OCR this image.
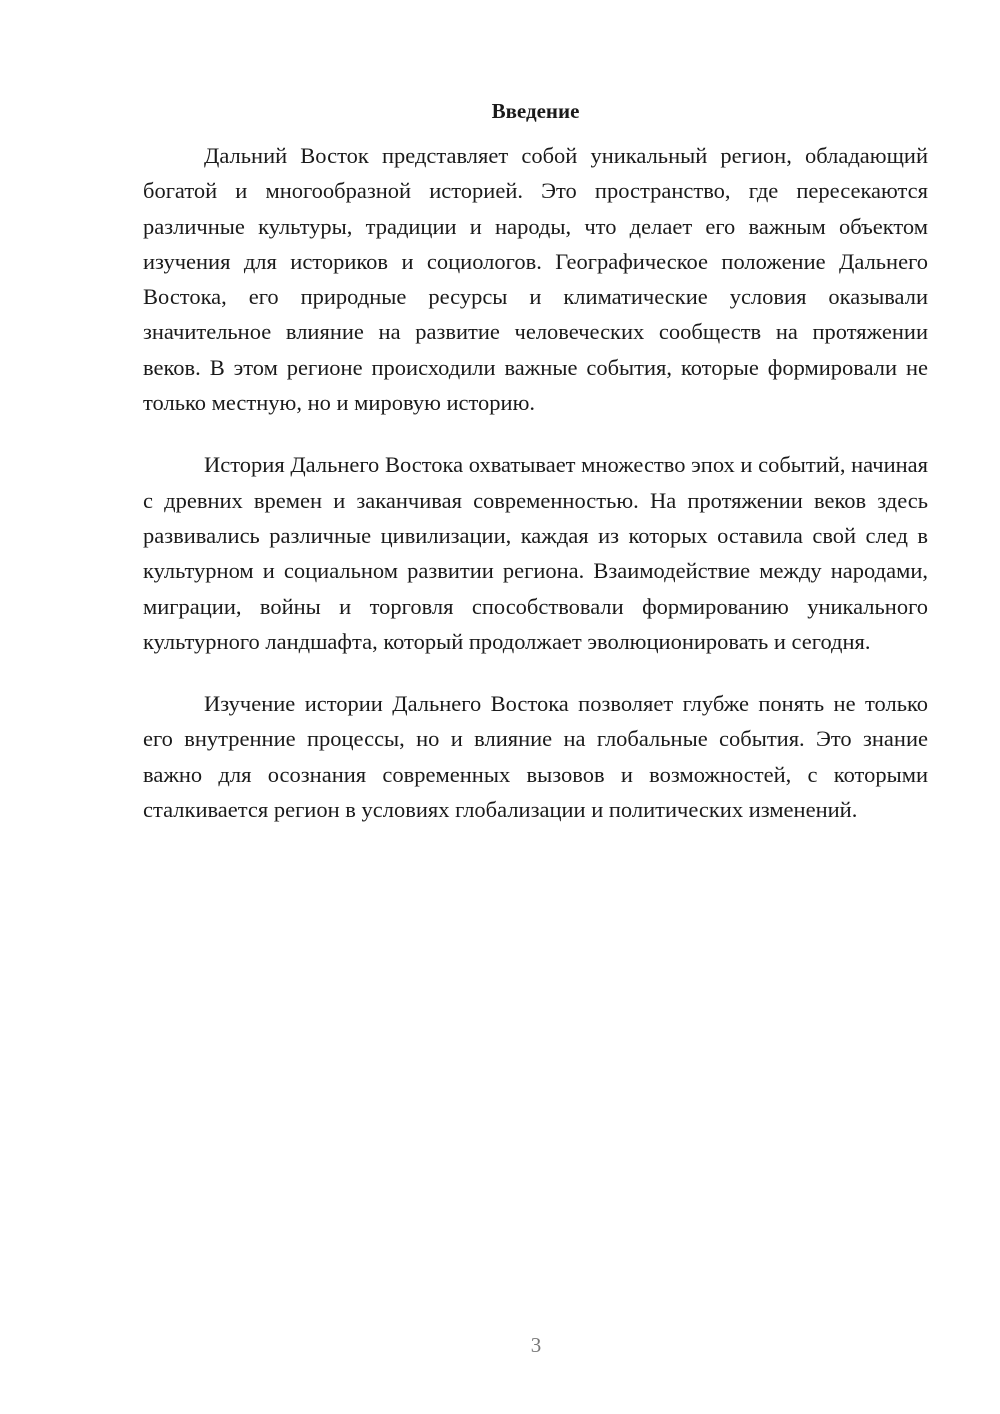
Введение

Дальний Восток представляет собой уникальный регион, обладающий богатой и многообразной историей. Это пространство, где пересекаются различные культуры, традиции и народы, что делает его важным объектом изучения для историков и социологов. Географическое положение Дальнего Востока, его природные ресурсы и климатические условия оказывали значительное влияние на развитие человеческих сообществ на протяжении веков. В этом регионе происходили важные события, которые формировали не только местную, но и мировую историю.

История Дальнего Востока охватывает множество эпох и событий, начиная с древних времен и заканчивая современностью. На протяжении веков здесь развивались различные цивилизации, каждая из которых оставила свой след в культурном и социальном развитии региона. Взаимодействие между народами, миграции, войны и торговля способствовали формированию уникального культурного ландшафта, который продолжает эволюционировать и сегодня.

Изучение истории Дальнего Востока позволяет глубже понять не только его внутренние процессы, но и влияние на глобальные события. Это знание важно для осознания современных вызовов и возможностей, с которыми сталкивается регион в условиях глобализации и политических изменений.

3
